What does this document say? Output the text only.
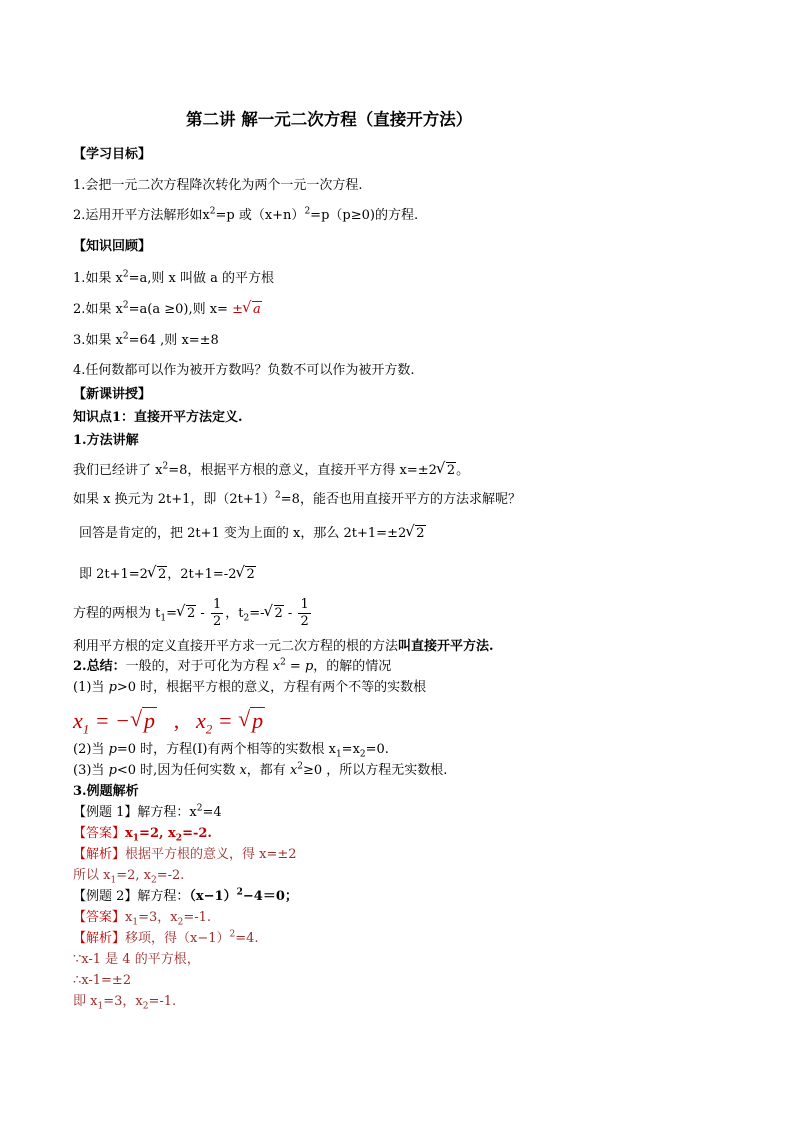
第二讲 解一元二次方程（直接开方法）
【学习目标】
1.会把一元二次方程降次转化为两个一元一次方程.
2.运用开平方法解形如$x^2=p$ 或$(x+n)^2=p(p\ge 0)$的方程.
【知识回顾】
1.如果 $x^2=a$,则 x 叫做 a 的平方根
2.如果 $x^2=a(a \ge 0)$,则 x= ±√ a
3.如果 $x^2=64$ ,则 x=±8
4.任何数都可以作为被开方数吗？负数不可以作为被开方数.
【新课讲授】
知识点1：直接开平方法定义.
1.方法讲解
我们已经讲了 $x^2=8$，根据平方根的意义，直接开平方得 x=±2√ 2。
如果 x 换元为 2t+1，即$(2t+1)^2=8$，能否也用直接开平方的方法求解呢？
回答是肯定的，把 2t+1 变为上面的 x，那么 2t+1=±2√ 2
即 2t+1=2√ 2，2t+1=-2√ 2
方程的两根为 $t_1=√$ $2 - \frac{1}{2}$ ，$t_2=-√$ $2 - \frac{1}{2}$
利用平方根的定义直接开平方求一元二次方程的根的方法叫直接开平方法.
2.总结：一般的，对于可化为方程 $x^2 = p$，的解的情况
(1)当 p>0 时，根据平方根的意义，方程有两个不等的实数根
$x_1$ = −√ p , $x_2$ = √ p
(2)当 p=0 时，方程(I)有两个相等的实数根 $x_1=x_2=0$.
(3)当 p<0 时,因为任何实数 x，都有 $x^2\ge 0$ ，所以方程无实数根.
3.例题解析
【例题 1】解方程：$x^2=4$
【答案】$x_1=2$, $x_2=-2$.
【解析】根据平方根的意义，得 x=±2
所以 $x_1=2$, $x_2=-2$.
【例题 2】解方程：$(x-1)^2-4=0$；
【答案】$x_1=3$，$x_2=-1$.
【解析】移项，得$(x-1)^2=4$.
∵x-1 是 4 的平方根，
∴x-1=±2
即 $x_1=3$，$x_2=-1$.
